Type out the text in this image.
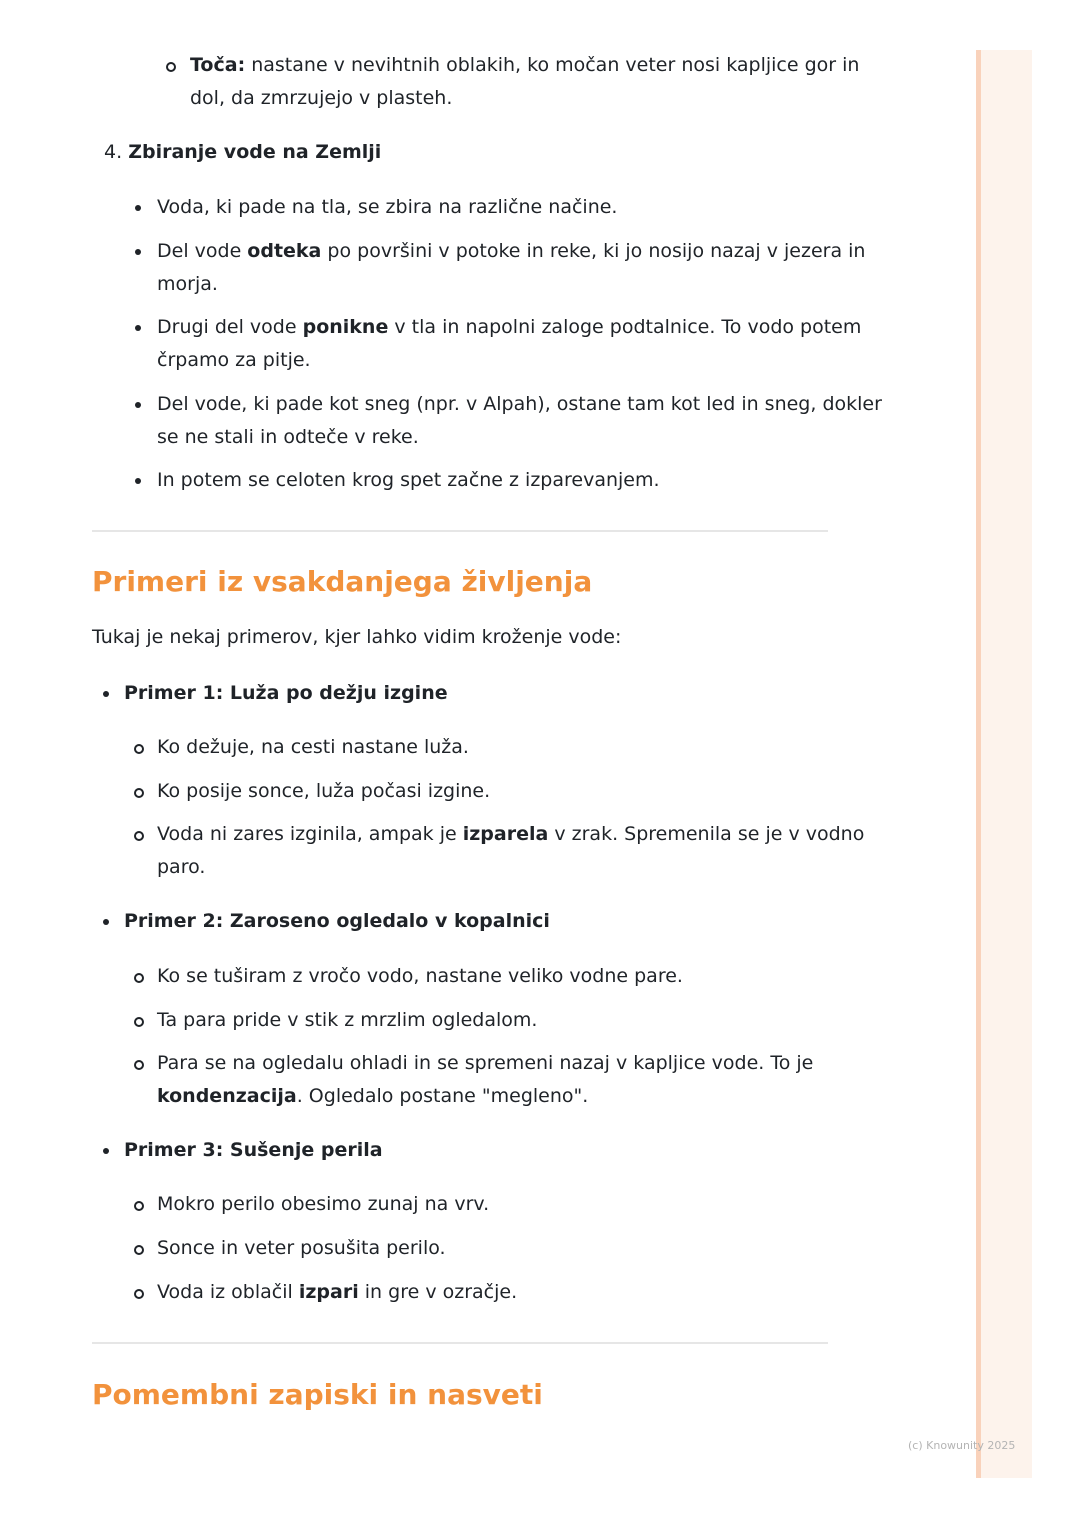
Toča: nastane v nevihtnih oblakih, ko močan veter nosi kapljice gor in
dol, da zmrzujejo v plasteh.
4. Zbiranje vode na Zemlji
Voda, ki pade na tla, se zbira na različne načine.
Del vode odteka po površini v potoke in reke, ki jo nosijo nazaj v jezera in
morja.
Drugi del vode ponikne v tla in napolni zaloge podtalnice. To vodo potem
črpamo za pitje.
Del vode, ki pade kot sneg (npr. v Alpah), ostane tam kot led in sneg, dokler
se ne stali in odteče v reke.
In potem se celoten krog spet začne z izparevanjem.
Primeri iz vsakdanjega življenja
Tukaj je nekaj primerov, kjer lahko vidim kroženje vode:
Primer 1: Luža po dežju izgine
Ko dežuje, na cesti nastane luža.
Ko posije sonce, luža počasi izgine.
Voda ni zares izginila, ampak je izparela v zrak. Spremenila se je v vodno
paro.
Primer 2: Zaroseno ogledalo v kopalnici
Ko se tuširam z vročo vodo, nastane veliko vodne pare.
Ta para pride v stik z mrzlim ogledalom.
Para se na ogledalu ohladi in se spremeni nazaj v kapljice vode. To je
kondenzacija. Ogledalo postane "megleno".
Primer 3: Sušenje perila
Mokro perilo obesimo zunaj na vrv.
Sonce in veter posušita perilo.
Voda iz oblačil izpari in gre v ozračje.
Pomembni zapiski in nasveti
(c) Knowunity 2025
